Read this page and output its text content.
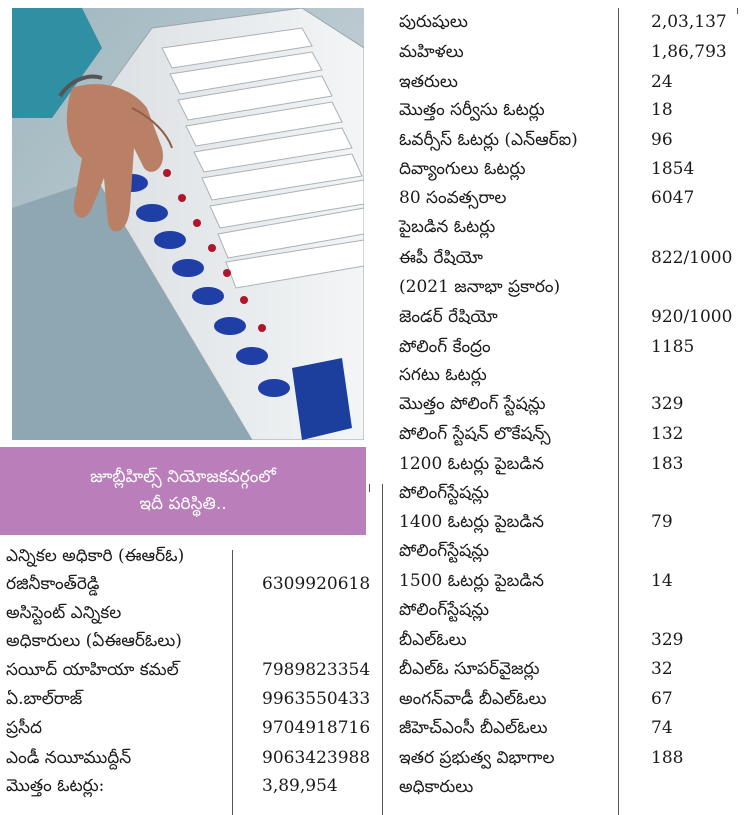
జూబ్లీహిల్స్ నియోజకవర్గంలో
ఇదీ పరిస్థితి..
ఎన్నికల అధికారి (ఈఆర్ఓ)
రజినీకాంత్‌రెడ్డి	6309920618
అసిస్టెంట్ ఎన్నికల
అధికారులు (ఏఈఆర్ఓలు)
సయీద్ యాహియా కమల్	7989823354
ఏ.బాల్‌రాజ్	9963550433
ప్రసీద	9704918716
ఎండీ నయీముద్దీన్	9063423988
మొత్తం ఓటర్లు:	3,89,954
పురుషులు	2,03,137
మహిళలు	1,86,793
ఇతరులు	24
మొత్తం సర్వీసు ఓటర్లు	18
ఓవర్సీస్ ఓటర్లు (ఎన్ఆర్ఐ)	96
దివ్యాంగులు ఓటర్లు	1854
80 సంవత్సరాల	6047
పైబడిన ఓటర్లు
ఈపీ రేషియో	822/1000
(2021 జనాభా ప్రకారం)
జెండర్ రేషియో	920/1000
పోలింగ్ కేంద్రం	1185
సగటు ఓటర్లు
మొత్తం పోలింగ్ స్టేషన్లు	329
పోలింగ్ స్టేషన్ లొకేషన్స్	132
1200 ఓటర్లు పైబడిన	183
పోలింగ్‌స్టేషన్లు
1400 ఓటర్లు పైబడిన	79
పోలింగ్‌స్టేషన్లు
1500 ఓటర్లు పైబడిన	14
పోలింగ్‌స్టేషన్లు
బీఎల్ఓలు	329
బీఎల్ఓ సూపర్‌వైజర్లు	32
అంగన్‌వాడీ బీఎల్ఓలు	67
జీహెచ్ఎంసీ బీఎల్ఓలు	74
ఇతర ప్రభుత్వ విభాగాల	188
అధికారులు
